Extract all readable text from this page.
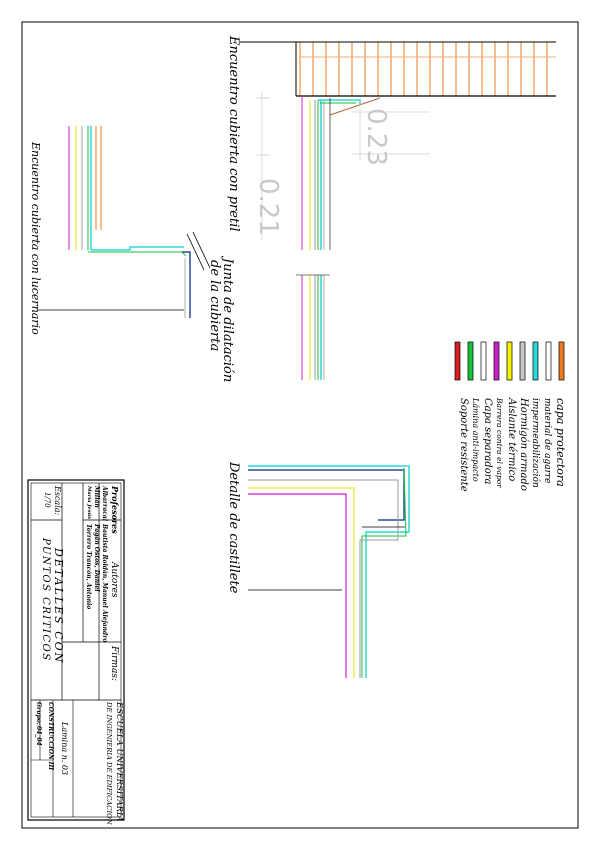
0.23
0.21
Encuentro cubierta con pretil
Encuentro cubierta con lucernario	Junta de dilatación
de la cubierta
capa protectora
material de agarre
impermeabilización
Hormigón armado
Aislante térmico
Barrera contra el vapor
Capa separadora
Lámina anti-impacto
Soporte resistente
Detalle de castillete
Profesores
Albarracal
Millán
María Jesús
Autores
Bautista Roldán, Manuel Alejandro
Pagán Ostos, Daniel
Torrero Trancón, Antonio
Firmas:
Escala:
1/70
DETALLES CON
PUNTOS CRITICOS
ESCUELA UNIVERSITARIA
DE INGENIERIA DE EDIFICACION
Lamina n. 03
CONSTRUCCION III
Grupo:
04_04
